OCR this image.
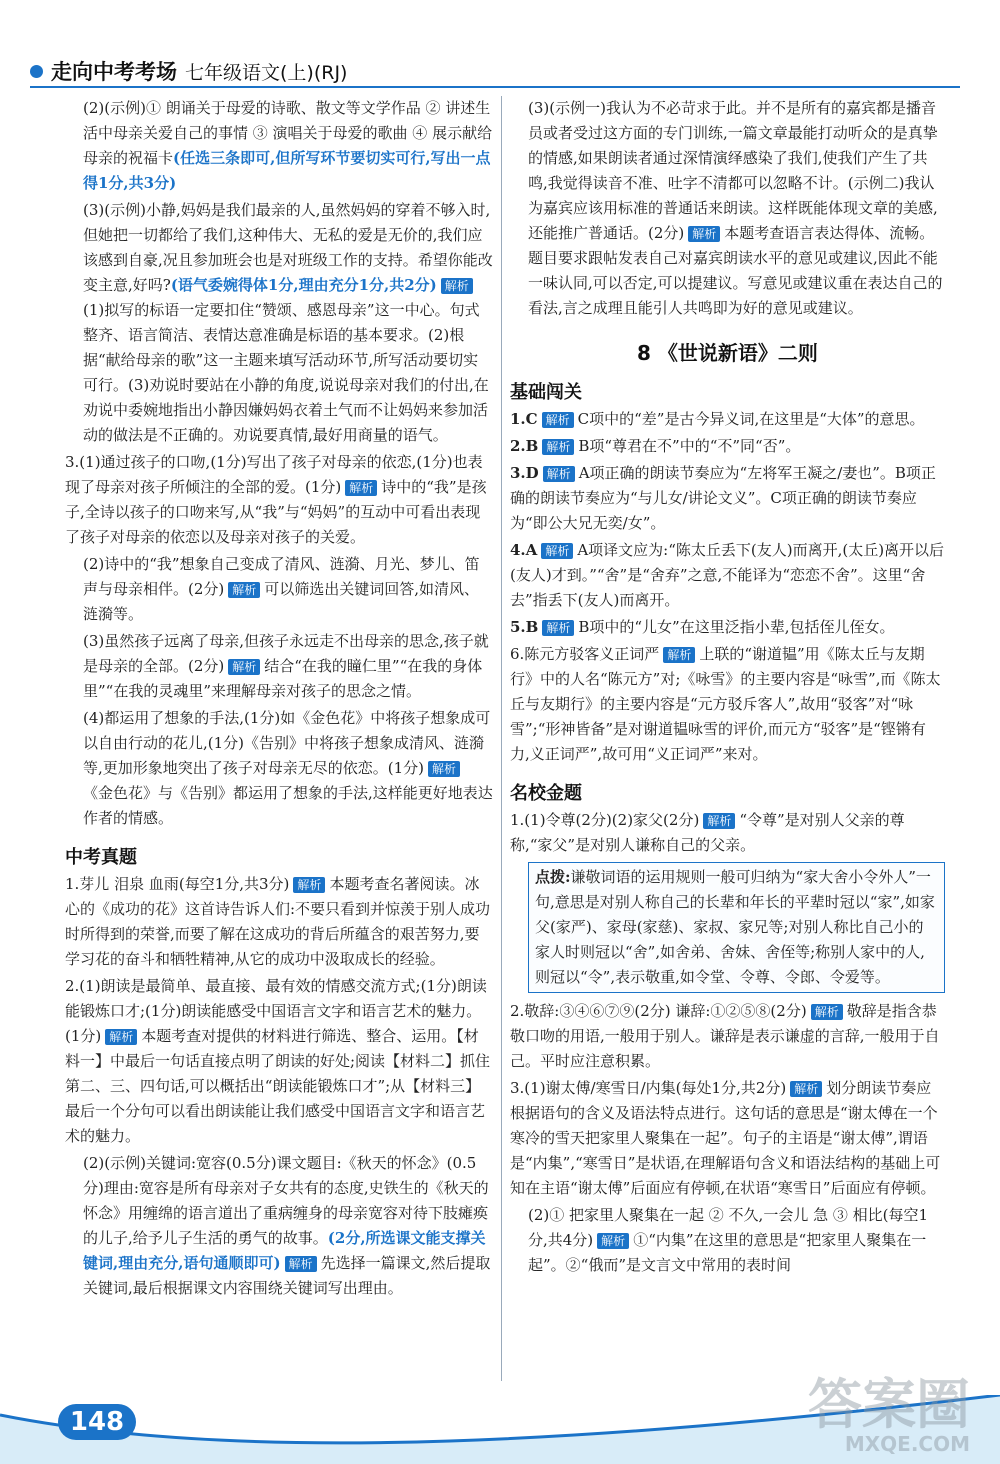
走向中考考场 七年级语文(上)(RJ)

(2)(示例)① 朗诵关于母爱的诗歌、散文等文学作品 ② 讲述生活中母亲关爱自己的事情 ③ 演唱关于母爱的歌曲 ④ 展示献给母亲的祝福卡(任选三条即可,但所写环节要切实可行,写出一点得1分,共3分)

(3)(示例)小静,妈妈是我们最亲的人,虽然妈妈的穿着不够入时,但她把一切都给了我们,这种伟大、无私的爱是无价的,我们应该感到自豪,况且参加班会也是对班级工作的支持。希望你能改变主意,好吗?(语气委婉得体1分,理由充分1分,共2分) 解析(1)拟写的标语一定要扣住“赞颂、感恩母亲”这一中心。句式整齐、语言简洁、表情达意准确是标语的基本要求。(2)根据“献给母亲的歌”这一主题来填写活动环节,所写活动要切实可行。(3)劝说时要站在小静的角度,说说母亲对我们的付出,在劝说中委婉地指出小静因嫌妈妈衣着土气而不让妈妈来参加活动的做法是不正确的。劝说要真情,最好用商量的语气。

3.(1)通过孩子的口吻,(1分)写出了孩子对母亲的依恋,(1分)也表现了母亲对孩子所倾注的全部的爱。(1分) 解析 诗中的“我”是孩子,全诗以孩子的口吻来写,从“我”与“妈妈”的互动中可看出表现了孩子对母亲的依恋以及母亲对孩子的关爱。

(2)诗中的“我”想象自己变成了清风、涟漪、月光、梦儿、笛声与母亲相伴。(2分) 解析 可以筛选出关键词回答,如清风、涟漪等。

(3)虽然孩子远离了母亲,但孩子永远走不出母亲的思念,孩子就是母亲的全部。(2分) 解析 结合“在我的瞳仁里”“在我的身体里”“在我的灵魂里”来理解母亲对孩子的思念之情。

(4)都运用了想象的手法,(1分)如《金色花》中将孩子想象成可以自由行动的花儿,(1分)《告别》中将孩子想象成清风、涟漪等,更加形象地突出了孩子对母亲无尽的依恋。(1分) 解析《金色花》与《告别》都运用了想象的手法,这样能更好地表达作者的情感。

中考真题

1.芽儿 泪泉 血雨(每空1分,共3分) 解析 本题考查名著阅读。冰心的《成功的花》这首诗告诉人们:不要只看到并惊羡于别人成功时所得到的荣誉,而要了解在这成功的背后所蕴含的艰苦努力,要学习花的奋斗和牺牲精神,从它的成功中汲取成长的经验。

2.(1)朗读是最简单、最直接、最有效的情感交流方式;(1分)朗读能锻炼口才;(1分)朗读能感受中国语言文字和语言艺术的魅力。(1分) 解析 本题考查对提供的材料进行筛选、整合、运用。【材料一】中最后一句话直接点明了朗读的好处;阅读【材料二】抓住第二、三、四句话,可以概括出“朗读能锻炼口才”;从【材料三】最后一个分句可以看出朗读能让我们感受中国语言文字和语言艺术的魅力。

(2)(示例)关键词:宽容(0.5分)课文题目:《秋天的怀念》(0.5分)理由:宽容是所有母亲对子女共有的态度,史铁生的《秋天的怀念》用缠绵的语言道出了重病缠身的母亲宽容对待下肢瘫痪的儿子,给予儿子生活的勇气的故事。(2分,所选课文能支撑关键词,理由充分,语句通顺即可) 解析 先选择一篇课文,然后提取关键词,最后根据课文内容围绕关键词写出理由。

(3)(示例一)我认为不必苛求于此。并不是所有的嘉宾都是播音员或者受过这方面的专门训练,一篇文章最能打动听众的是真挚的情感,如果朗读者通过深情演绎感染了我们,使我们产生了共鸣,我觉得读音不准、吐字不清都可以忽略不计。(示例二)我认为嘉宾应该用标准的普通话来朗读。这样既能体现文章的美感,还能推广普通话。(2分) 解析 本题考查语言表达得体、流畅。题目要求跟帖发表自己对嘉宾朗读水平的意见或建议,因此不能一味认同,可以否定,可以提建议。写意见或建议重在表达自己的看法,言之成理且能引人共鸣即为好的意见或建议。

8 《世说新语》二则
基础闯关

1.C 解析 C项中的“差”是古今异义词,在这里是“大体”的意思。

2.B 解析 B项“尊君在不”中的“不”同“否”。

3.D 解析 A项正确的朗读节奏应为“左将军王凝之/妻也”。B项正确的朗读节奏应为“与儿女/讲论文义”。C项正确的朗读节奏应为“即公大兄无奕/女”。

4.A 解析 A项译文应为:“陈太丘丢下(友人)而离开,(太丘)离开以后(友人)才到。”“舍”是“舍弃”之意,不能译为“恋恋不舍”。这里“舍去”指丢下(友人)而离开。

5.B 解析 B项中的“儿女”在这里泛指小辈,包括侄儿侄女。

6.陈元方驳客义正词严 解析 上联的“谢道韫”用《陈太丘与友期行》中的人名“陈元方”对;《咏雪》的主要内容是“咏雪”,而《陈太丘与友期行》的主要内容是“元方驳斥客人”,故用“驳客”对“咏雪”;“形神皆备”是对谢道韫咏雪的评价,而元方“驳客”是“铿锵有力,义正词严”,故可用“义正词严”来对。

名校金题

1.(1)令尊(2分)(2)家父(2分) 解析 “令尊”是对别人父亲的尊称,“家父”是对别人谦称自己的父亲。

点拨:谦敬词语的运用规则一般可归纳为“家大舍小令外人”一句,意思是对别人称自己的长辈和年长的平辈时冠以“家”,如家父(家严)、家母(家慈)、家叔、家兄等;对别人称比自己小的家人时则冠以“舍”,如舍弟、舍妹、舍侄等;称别人家中的人,则冠以“令”,表示敬重,如令堂、令尊、令郎、令爱等。

2.敬辞:③④⑥⑦⑨(2分) 谦辞:①②⑤⑧(2分) 解析 敬辞是指含恭敬口吻的用语,一般用于别人。谦辞是表示谦虚的言辞,一般用于自己。平时应注意积累。

3.(1)谢太傅/寒雪日/内集(每处1分,共2分) 解析 划分朗读节奏应根据语句的含义及语法特点进行。这句话的意思是“谢太傅在一个寒冷的雪天把家里人聚集在一起”。句子的主语是“谢太傅”,谓语是“内集”,“寒雪日”是状语,在理解语句含义和语法结构的基础上可知在主语“谢太傅”后面应有停顿,在状语“寒雪日”后面应有停顿。

(2)① 把家里人聚集在一起 ② 不久,一会儿 急 ③ 相比(每空1分,共4分) 解析 ①“内集”在这里的意思是“把家里人聚集在一起”。②“俄而”是文言文中常用的表时间

148	答案圈
MXQE.COM
